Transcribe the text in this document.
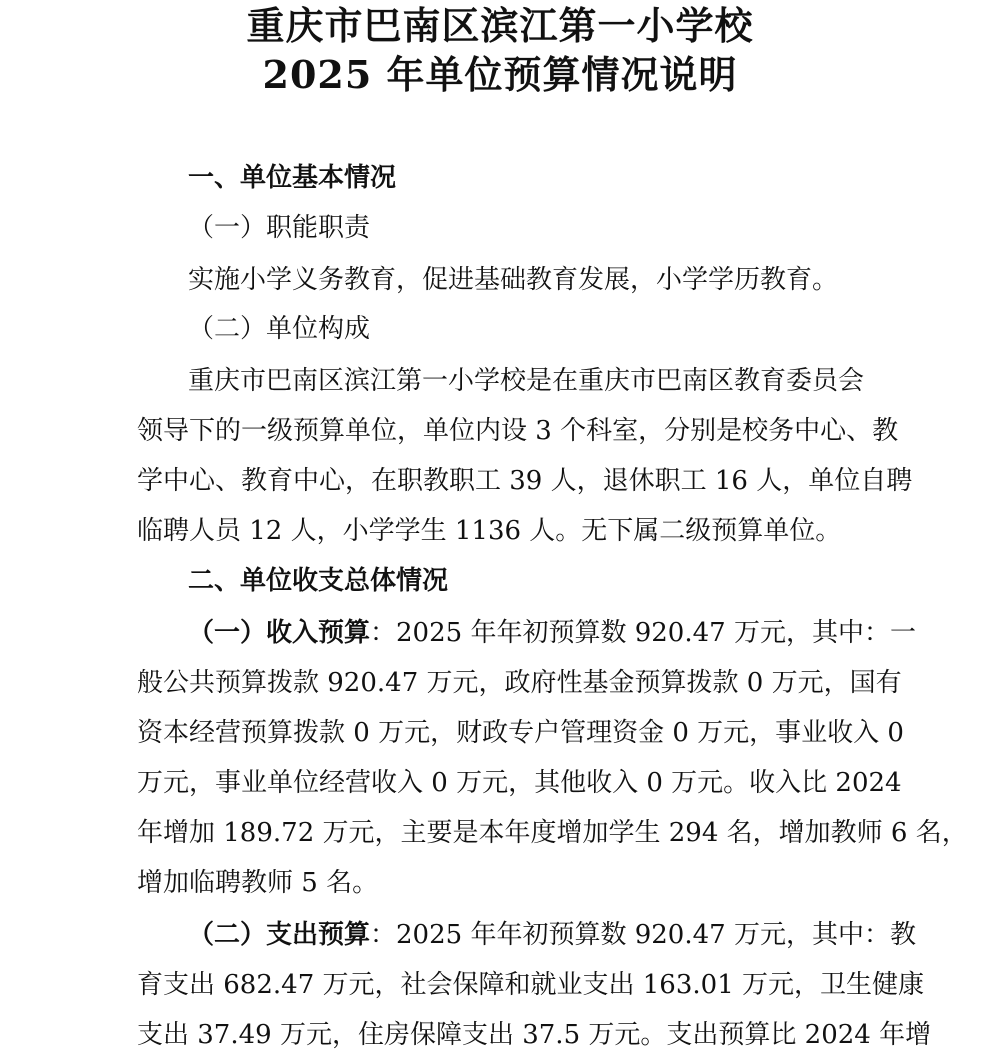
重庆市巴南区滨江第一小学校
2025 年单位预算情况说明
一、单位基本情况
（一）职能职责
实施小学义务教育，促进基础教育发展，小学学历教育。
（二）单位构成
重庆市巴南区滨江第一小学校是在重庆市巴南区教育委员会
领导下的一级预算单位，单位内设 3 个科室，分别是校务中心、教
学中心、教育中心，在职教职工 39 人，退休职工 16 人，单位自聘
临聘人员 12 人，小学学生 1136 人。无下属二级预算单位。
二、单位收支总体情况
（一）收入预算：2025 年年初预算数 920.47 万元，其中：一
般公共预算拨款 920.47 万元，政府性基金预算拨款 0 万元，国有
资本经营预算拨款 0 万元，财政专户管理资金 0 万元，事业收入 0
万元，事业单位经营收入 0 万元，其他收入 0 万元。收入比 2024
年增加 189.72 万元，主要是本年度增加学生 294 名，增加教师 6 名，
增加临聘教师 5 名。
（二）支出预算：2025 年年初预算数 920.47 万元，其中：教
育支出 682.47 万元，社会保障和就业支出 163.01 万元，卫生健康
支出 37.49 万元，住房保障支出 37.5 万元。支出预算比 2024 年增
